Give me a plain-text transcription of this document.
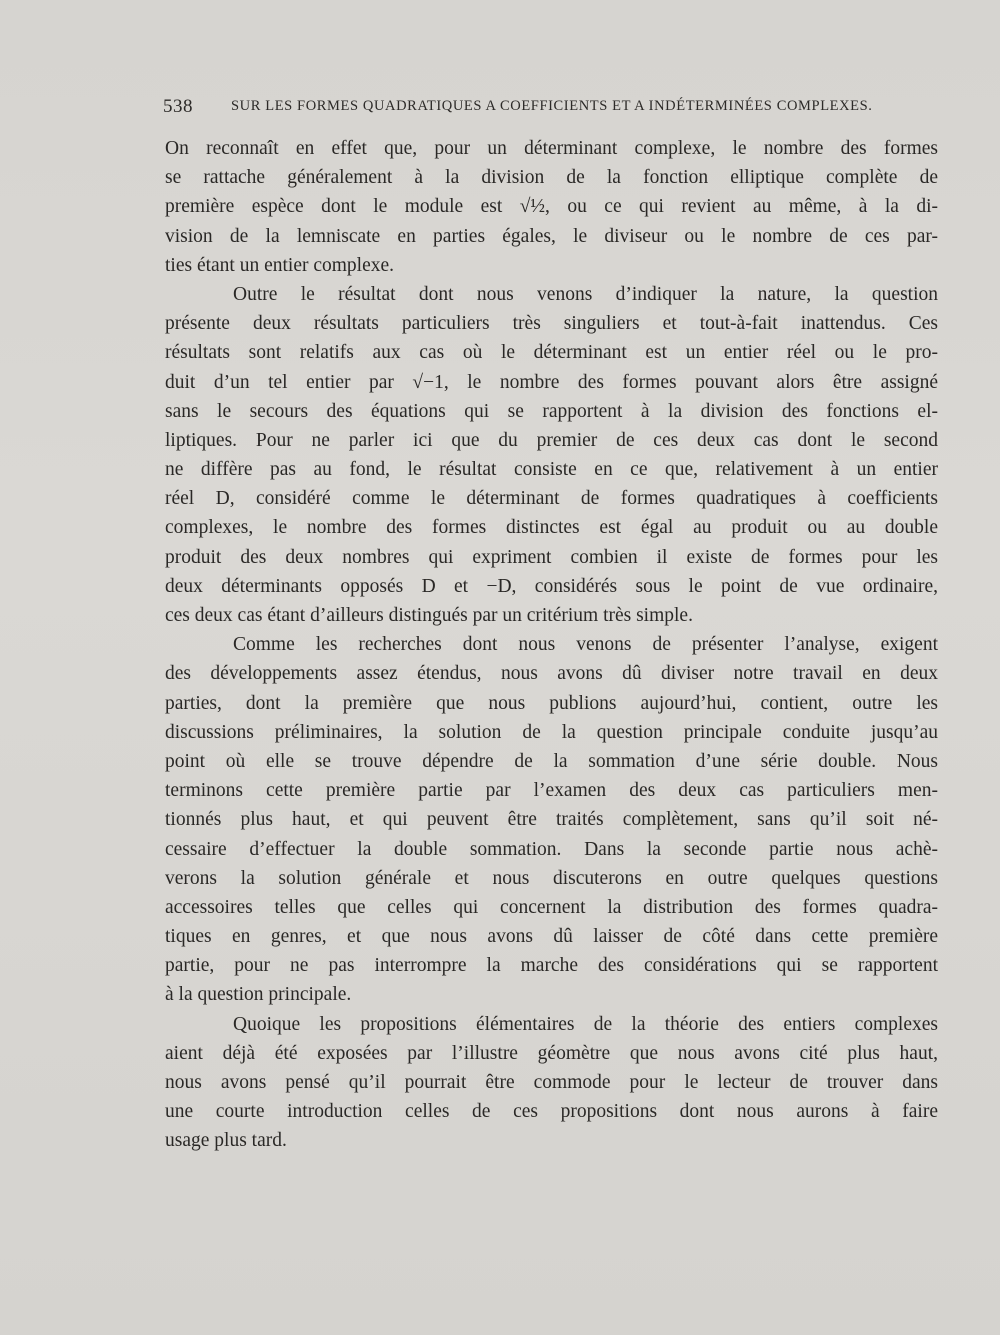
538	SUR LES FORMES QUADRATIQUES A COEFFICIENTS ET A INDÉTERMINÉES COMPLEXES.
On reconnaît en effet que, pour un déterminant complexe, le nombre des formes
se rattache généralement à la division de la fonction elliptique complète de
première espèce dont le module est √½, ou ce qui revient au même, à la di-
vision de la lemniscate en parties égales, le diviseur ou le nombre de ces par-
ties étant un entier complexe.
Outre le résultat dont nous venons d’indiquer la nature, la question
présente deux résultats particuliers très singuliers et tout-à-fait inattendus. Ces
résultats sont relatifs aux cas où le déterminant est un entier réel ou le pro-
duit d’un tel entier par √−1, le nombre des formes pouvant alors être assigné
sans le secours des équations qui se rapportent à la division des fonctions el-
liptiques. Pour ne parler ici que du premier de ces deux cas dont le second
ne diffère pas au fond, le résultat consiste en ce que, relativement à un entier
réel D, considéré comme le déterminant de formes quadratiques à coefficients
complexes, le nombre des formes distinctes est égal au produit ou au double
produit des deux nombres qui expriment combien il existe de formes pour les
deux déterminants opposés D et −D, considérés sous le point de vue ordinaire,
ces deux cas étant d’ailleurs distingués par un critérium très simple.
Comme les recherches dont nous venons de présenter l’analyse, exigent
des développements assez étendus, nous avons dû diviser notre travail en deux
parties, dont la première que nous publions aujourd’hui, contient, outre les
discussions préliminaires, la solution de la question principale conduite jusqu’au
point où elle se trouve dépendre de la sommation d’une série double. Nous
terminons cette première partie par l’examen des deux cas particuliers men-
tionnés plus haut, et qui peuvent être traités complètement, sans qu’il soit né-
cessaire d’effectuer la double sommation. Dans la seconde partie nous achè-
verons la solution générale et nous discuterons en outre quelques questions
accessoires telles que celles qui concernent la distribution des formes quadra-
tiques en genres, et que nous avons dû laisser de côté dans cette première
partie, pour ne pas interrompre la marche des considérations qui se rapportent
à la question principale.
Quoique les propositions élémentaires de la théorie des entiers complexes
aient déjà été exposées par l’illustre géomètre que nous avons cité plus haut,
nous avons pensé qu’il pourrait être commode pour le lecteur de trouver dans
une courte introduction celles de ces propositions dont nous aurons à faire
usage plus tard.
